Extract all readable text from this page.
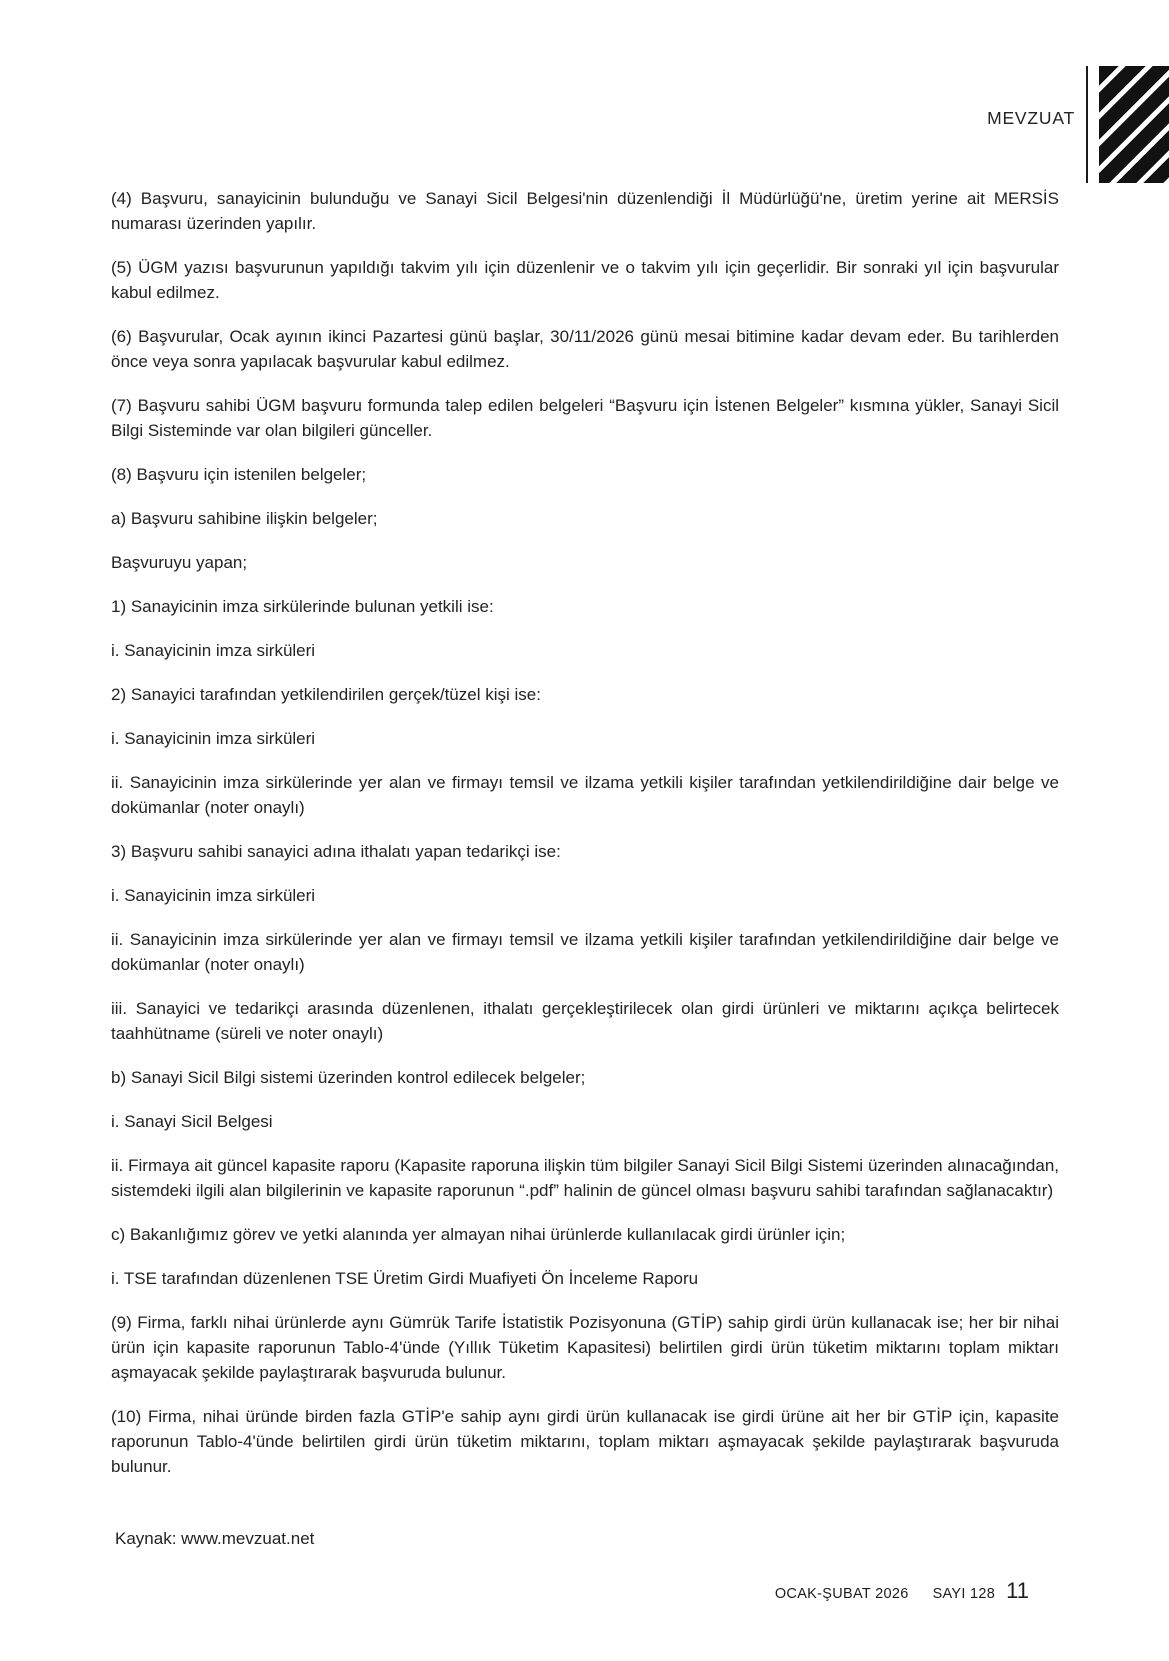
MEVZUAT

(4) Başvuru, sanayicinin bulunduğu ve Sanayi Sicil Belgesi'nin düzenlendiği İl Müdürlüğü'ne, üretim yerine ait MERSİS numarası üzerinden yapılır.

(5) ÜGM yazısı başvurunun yapıldığı takvim yılı için düzenlenir ve o takvim yılı için geçerlidir. Bir sonraki yıl için başvurular kabul edilmez.

(6) Başvurular, Ocak ayının ikinci Pazartesi günü başlar, 30/11/2026 günü mesai bitimine kadar devam eder. Bu tarihlerden önce veya sonra yapılacak başvurular kabul edilmez.

(7) Başvuru sahibi ÜGM başvuru formunda talep edilen belgeleri “Başvuru için İstenen Belgeler” kısmına yükler, Sanayi Sicil Bilgi Sisteminde var olan bilgileri günceller.

(8) Başvuru için istenilen belgeler;

a) Başvuru sahibine ilişkin belgeler;

Başvuruyu yapan;

1) Sanayicinin imza sirkülerinde bulunan yetkili ise:

i. Sanayicinin imza sirküleri

2) Sanayici tarafından yetkilendirilen gerçek/tüzel kişi ise:

i. Sanayicinin imza sirküleri

ii. Sanayicinin imza sirkülerinde yer alan ve firmayı temsil ve ilzama yetkili kişiler tarafından yetkilendirildiğine dair belge ve dokümanlar (noter onaylı)

3) Başvuru sahibi sanayici adına ithalatı yapan tedarikçi ise:

i. Sanayicinin imza sirküleri

ii. Sanayicinin imza sirkülerinde yer alan ve firmayı temsil ve ilzama yetkili kişiler tarafından yetkilendirildiğine dair belge ve dokümanlar (noter onaylı)

iii. Sanayici ve tedarikçi arasında düzenlenen, ithalatı gerçekleştirilecek olan girdi ürünleri ve miktarını açıkça belirtecek taahhütname (süreli ve noter onaylı)

b) Sanayi Sicil Bilgi sistemi üzerinden kontrol edilecek belgeler;

i. Sanayi Sicil Belgesi

ii. Firmaya ait güncel kapasite raporu (Kapasite raporuna ilişkin tüm bilgiler Sanayi Sicil Bilgi Sistemi üzerinden alınacağından, sistemdeki ilgili alan bilgilerinin ve kapasite raporunun “.pdf” halinin de güncel olması başvuru sahibi tarafından sağlanacaktır)

c) Bakanlığımız görev ve yetki alanında yer almayan nihai ürünlerde kullanılacak girdi ürünler için;

i. TSE tarafından düzenlenen TSE Üretim Girdi Muafiyeti Ön İnceleme Raporu

(9) Firma, farklı nihai ürünlerde aynı Gümrük Tarife İstatistik Pozisyonuna (GTİP) sahip girdi ürün kullanacak ise; her bir nihai ürün için kapasite raporunun Tablo-4'ünde (Yıllık Tüketim Kapasitesi) belirtilen girdi ürün tüketim miktarını toplam miktarı aşmayacak şekilde paylaştırarak başvuruda bulunur.

(10) Firma, nihai üründe birden fazla GTİP'e sahip aynı girdi ürün kullanacak ise girdi ürüne ait her bir GTİP için, kapasite raporunun Tablo-4'ünde belirtilen girdi ürün tüketim miktarını, toplam miktarı aşmayacak şekilde paylaştırarak başvuruda bulunur.

Kaynak: www.mevzuat.net
OCAK-ŞUBAT 2026 SAYI 128 11
